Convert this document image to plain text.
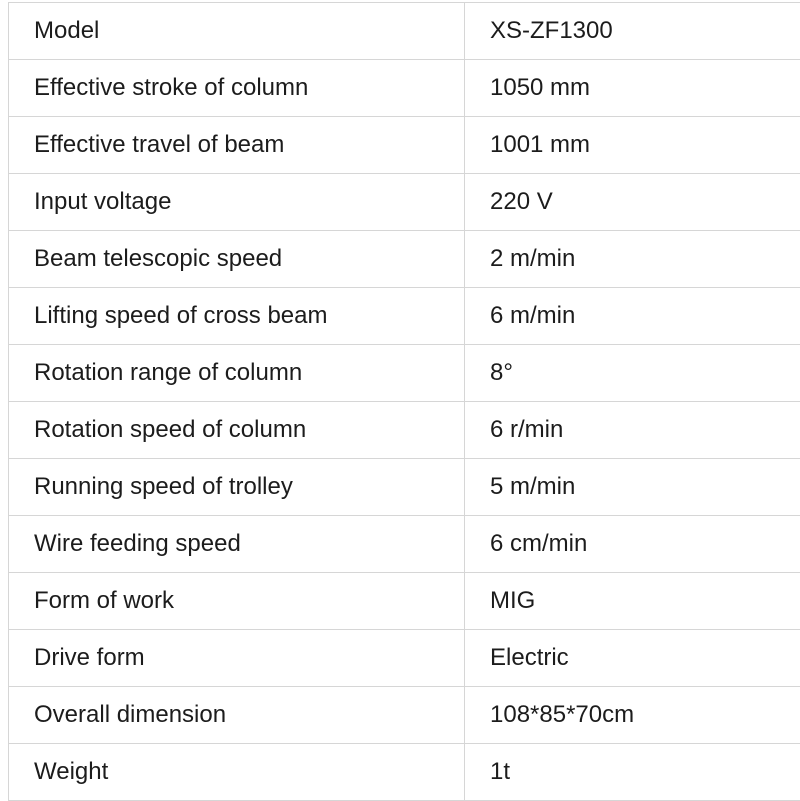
Model	XS-ZF1300
Effective stroke of column	1050 mm
Effective travel of beam	1001 mm
Input voltage	220 V
Beam telescopic speed	2 m/min
Lifting speed of cross beam	6 m/min
Rotation range of column	8°
Rotation speed of column	6 r/min
Running speed of trolley	5 m/min
Wire feeding speed	6 cm/min
Form of work	MIG
Drive form	Electric
Overall dimension	108*85*70cm
Weight	1t
